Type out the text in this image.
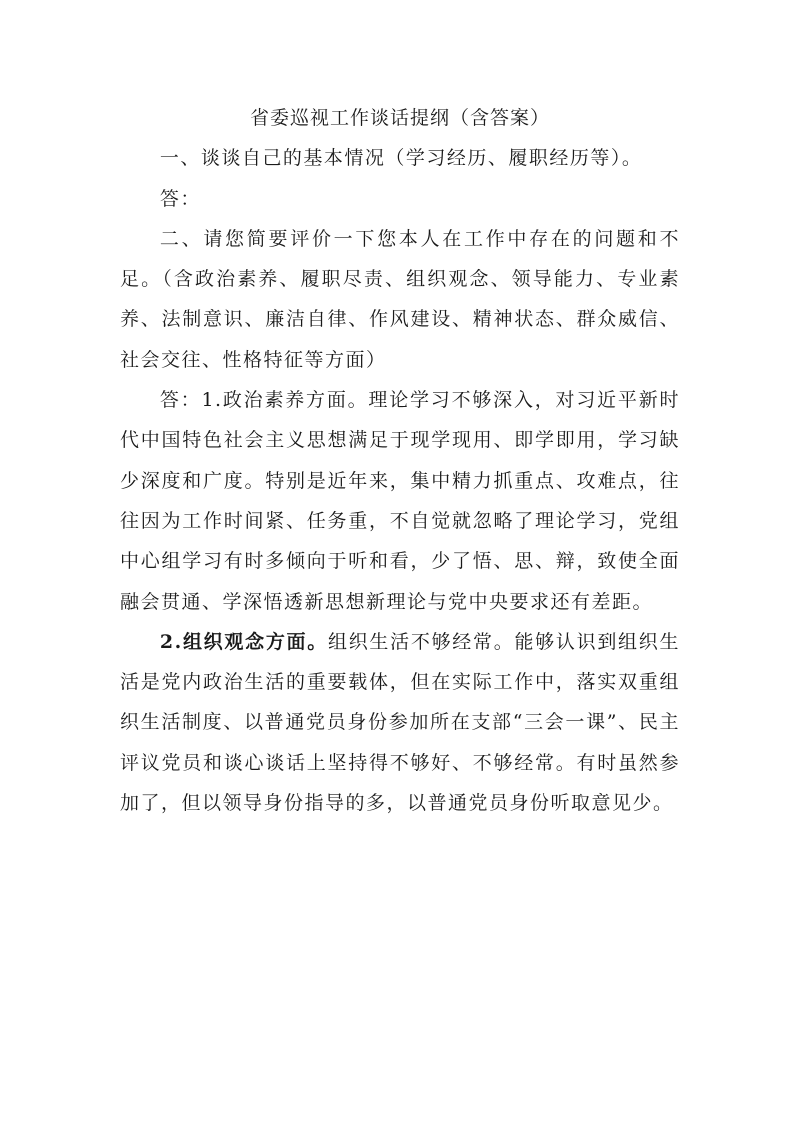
省委巡视工作谈话提纲（含答案）

一、谈谈自己的基本情况（学习经历、履职经历等）。

答：

二、请您简要评价一下您本人在工作中存在的问题和不足。（含政治素养、履职尽责、组织观念、领导能力、专业素养、法制意识、廉洁自律、作风建设、精神状态、群众威信、社会交往、性格特征等方面）

答：1.政治素养方面。理论学习不够深入，对习近平新时代中国特色社会主义思想满足于现学现用、即学即用，学习缺少深度和广度。特别是近年来，集中精力抓重点、攻难点，往往因为工作时间紧、任务重，不自觉就忽略了理论学习，党组中心组学习有时多倾向于听和看，少了悟、思、辩，致使全面融会贯通、学深悟透新思想新理论与党中央要求还有差距。

2.组织观念方面。组织生活不够经常。能够认识到组织生活是党内政治生活的重要载体，但在实际工作中，落实双重组织生活制度、以普通党员身份参加所在支部“三会一课”、民主评议党员和谈心谈话上坚持得不够好、不够经常。有时虽然参加了，但以领导身份指导的多，以普通党员身份听取意见少。
